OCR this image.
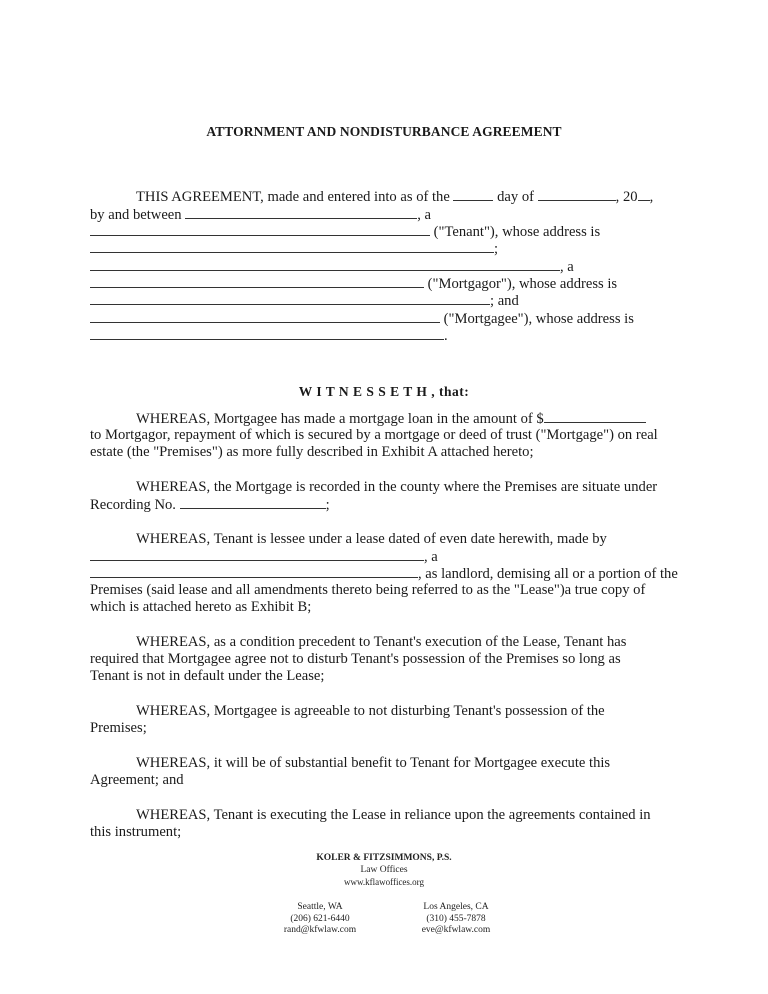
ATTORNMENT AND NONDISTURBANCE AGREEMENT
THIS AGREEMENT, made and entered into as of the	day of	, 20 ,
by and between	, a
("Tenant"), whose address is
;
, a
("Mortgagor"), whose address is
; and
("Mortgagee"), whose address is
.
W I T N E S S E T H , that:
WHEREAS, Mortgagee has made a mortgage loan in the amount of $
to Mortgagor, repayment of which is secured by a mortgage or deed of trust ("Mortgage") on real
estate (the "Premises") as more fully described in Exhibit A attached hereto;
WHEREAS, the Mortgage is recorded in the county where the Premises are situate under
Recording No.	;
WHEREAS, Tenant is lessee under a lease dated of even date herewith, made by
, a
, as landlord, demising all or a portion of the
Premises (said lease and all amendments thereto being referred to as the "Lease")a true copy of
which is attached hereto as Exhibit B;
WHEREAS, as a condition precedent to Tenant's execution of the Lease, Tenant has
required that Mortgagee agree not to disturb Tenant's possession of the Premises so long as
Tenant is not in default under the Lease;
WHEREAS, Mortgagee is agreeable to not disturbing Tenant's possession of the
Premises;
WHEREAS, it will be of substantial benefit to Tenant for Mortgagee execute this
Agreement; and
WHEREAS, Tenant is executing the Lease in reliance upon the agreements contained in
this instrument;
KOLER & FITZSIMMONS, P.S.
Law Offices
www.kflawoffices.org
Seattle, WA
(206) 621-6440
rand@kfwlaw.com
Los Angeles, CA
(310) 455-7878
eve@kfwlaw.com
